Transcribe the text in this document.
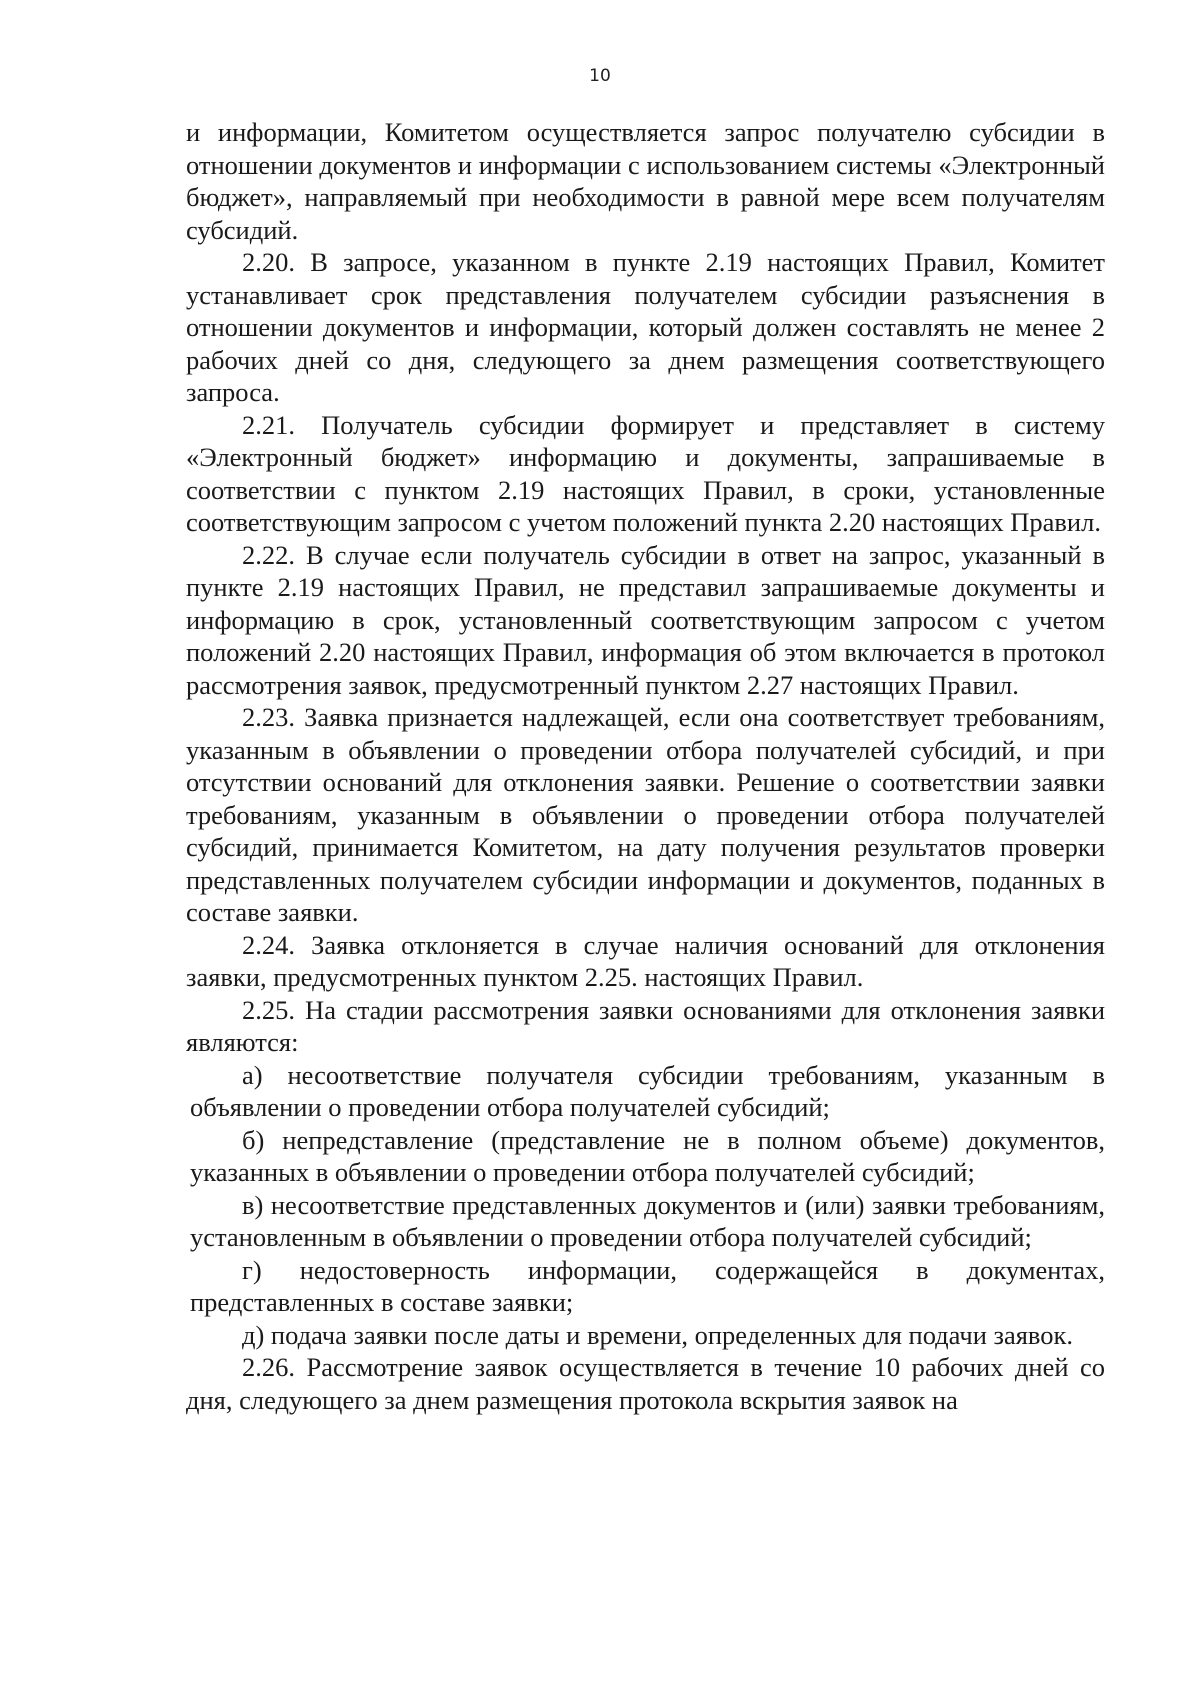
10

и информации, Комитетом осуществляется запрос получателю субсидии в отношении документов и информации с использованием системы «Электронный бюджет», направляемый при необходимости в равной мере всем получателям субсидий.

2.20. В запросе, указанном в пункте 2.19 настоящих Правил, Комитет устанавливает срок представления получателем субсидии разъяснения в отношении документов и информации, который должен составлять не менее 2 рабочих дней со дня, следующего за днем размещения соответствующего запроса.

2.21. Получатель субсидии формирует и представляет в систему «Электронный бюджет» информацию и документы, запрашиваемые в соответствии с пунктом 2.19 настоящих Правил, в сроки, установленные соответствующим запросом с учетом положений пункта 2.20 настоящих Правил.

2.22. В случае если получатель субсидии в ответ на запрос, указанный в пункте 2.19 настоящих Правил, не представил запрашиваемые документы и информацию в срок, установленный соответствующим запросом с учетом положений 2.20 настоящих Правил, информация об этом включается в протокол рассмотрения заявок, предусмотренный пунктом 2.27 настоящих Правил.

2.23. Заявка признается надлежащей, если она соответствует требованиям, указанным в объявлении о проведении отбора получателей субсидий, и при отсутствии оснований для отклонения заявки. Решение о соответствии заявки требованиям, указанным в объявлении о проведении отбора получателей субсидий, принимается Комитетом, на дату получения результатов проверки представленных получателем субсидии информации и документов, поданных в составе заявки.

2.24. Заявка отклоняется в случае наличия оснований для отклонения заявки, предусмотренных пунктом 2.25. настоящих Правил.

2.25. На стадии рассмотрения заявки основаниями для отклонения заявки являются:

а) несоответствие получателя субсидии требованиям, указанным в объявлении о проведении отбора получателей субсидий;

б) непредставление (представление не в полном объеме) документов, указанных в объявлении о проведении отбора получателей субсидий;

в) несоответствие представленных документов и (или) заявки требованиям, установленным в объявлении о проведении отбора получателей субсидий;

г) недостоверность информации, содержащейся в документах, представленных в составе заявки;

д) подача заявки после даты и времени, определенных для подачи заявок.

2.26. Рассмотрение заявок осуществляется в течение 10 рабочих дней со дня, следующего за днем размещения протокола вскрытия заявок на
